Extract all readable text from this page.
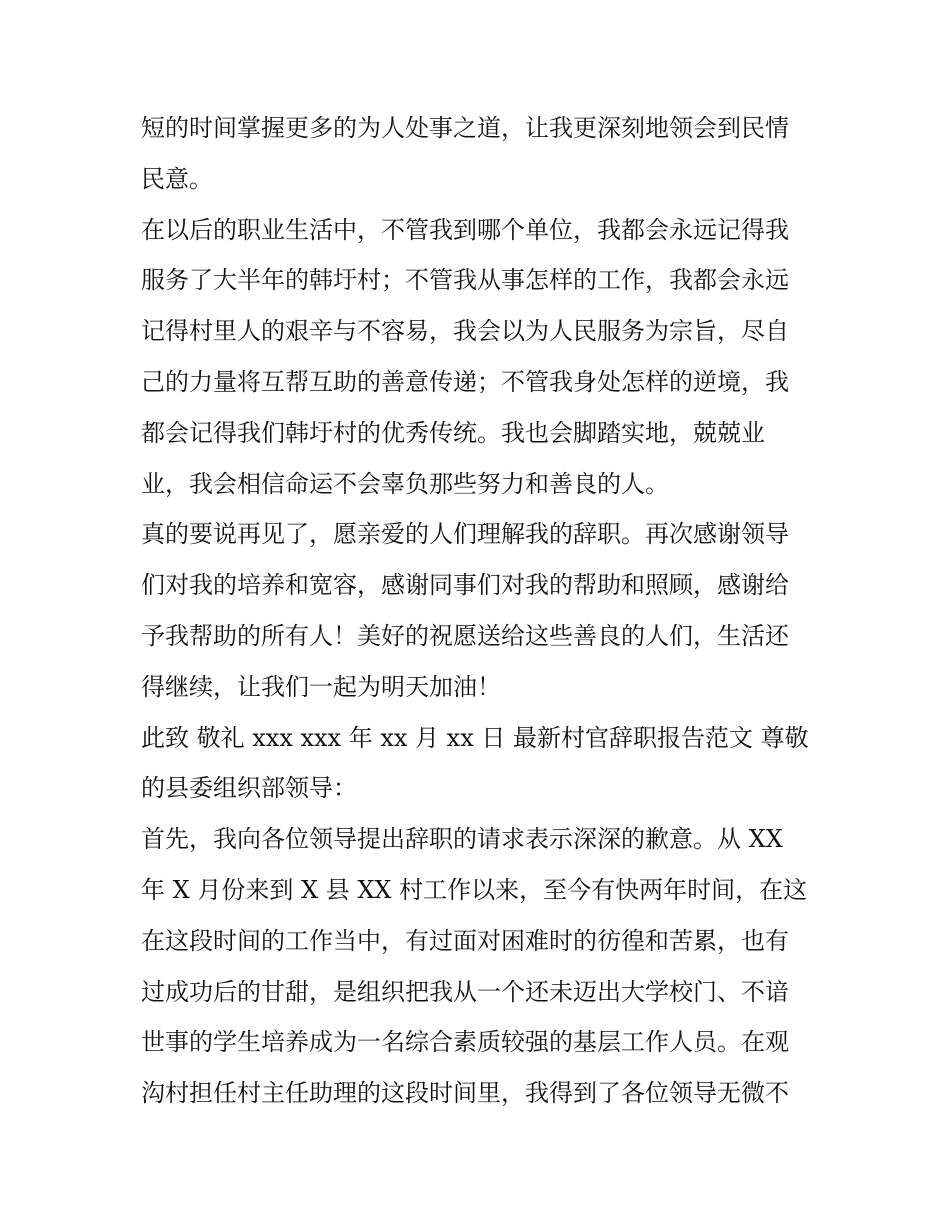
短的时间掌握更多的为人处事之道，让我更深刻地领会到民情
民意。
在以后的职业生活中，不管我到哪个单位，我都会永远记得我
服务了大半年的韩圩村；不管我从事怎样的工作，我都会永远
记得村里人的艰辛与不容易，我会以为人民服务为宗旨，尽自
己的力量将互帮互助的善意传递；不管我身处怎样的逆境，我
都会记得我们韩圩村的优秀传统。我也会脚踏实地，兢兢业
业，我会相信命运不会辜负那些努力和善良的人。
真的要说再见了，愿亲爱的人们理解我的辞职。再次感谢领导
们对我的培养和宽容，感谢同事们对我的帮助和照顾，感谢给
予我帮助的所有人！美好的祝愿送给这些善良的人们，生活还
得继续，让我们一起为明天加油！
此致 敬礼 xxx xxx 年 xx 月 xx 日 最新村官辞职报告范文 尊敬
的县委组织部领导：
首先，我向各位领导提出辞职的请求表示深深的歉意。从 XX
年 X 月份来到 X 县 XX 村工作以来，至今有快两年时间，在这
在这段时间的工作当中，有过面对困难时的彷徨和苦累，也有
过成功后的甘甜，是组织把我从一个还未迈出大学校门、不谙
世事的学生培养成为一名综合素质较强的基层工作人员。在观
沟村担任村主任助理的这段时间里，我得到了各位领导无微不
